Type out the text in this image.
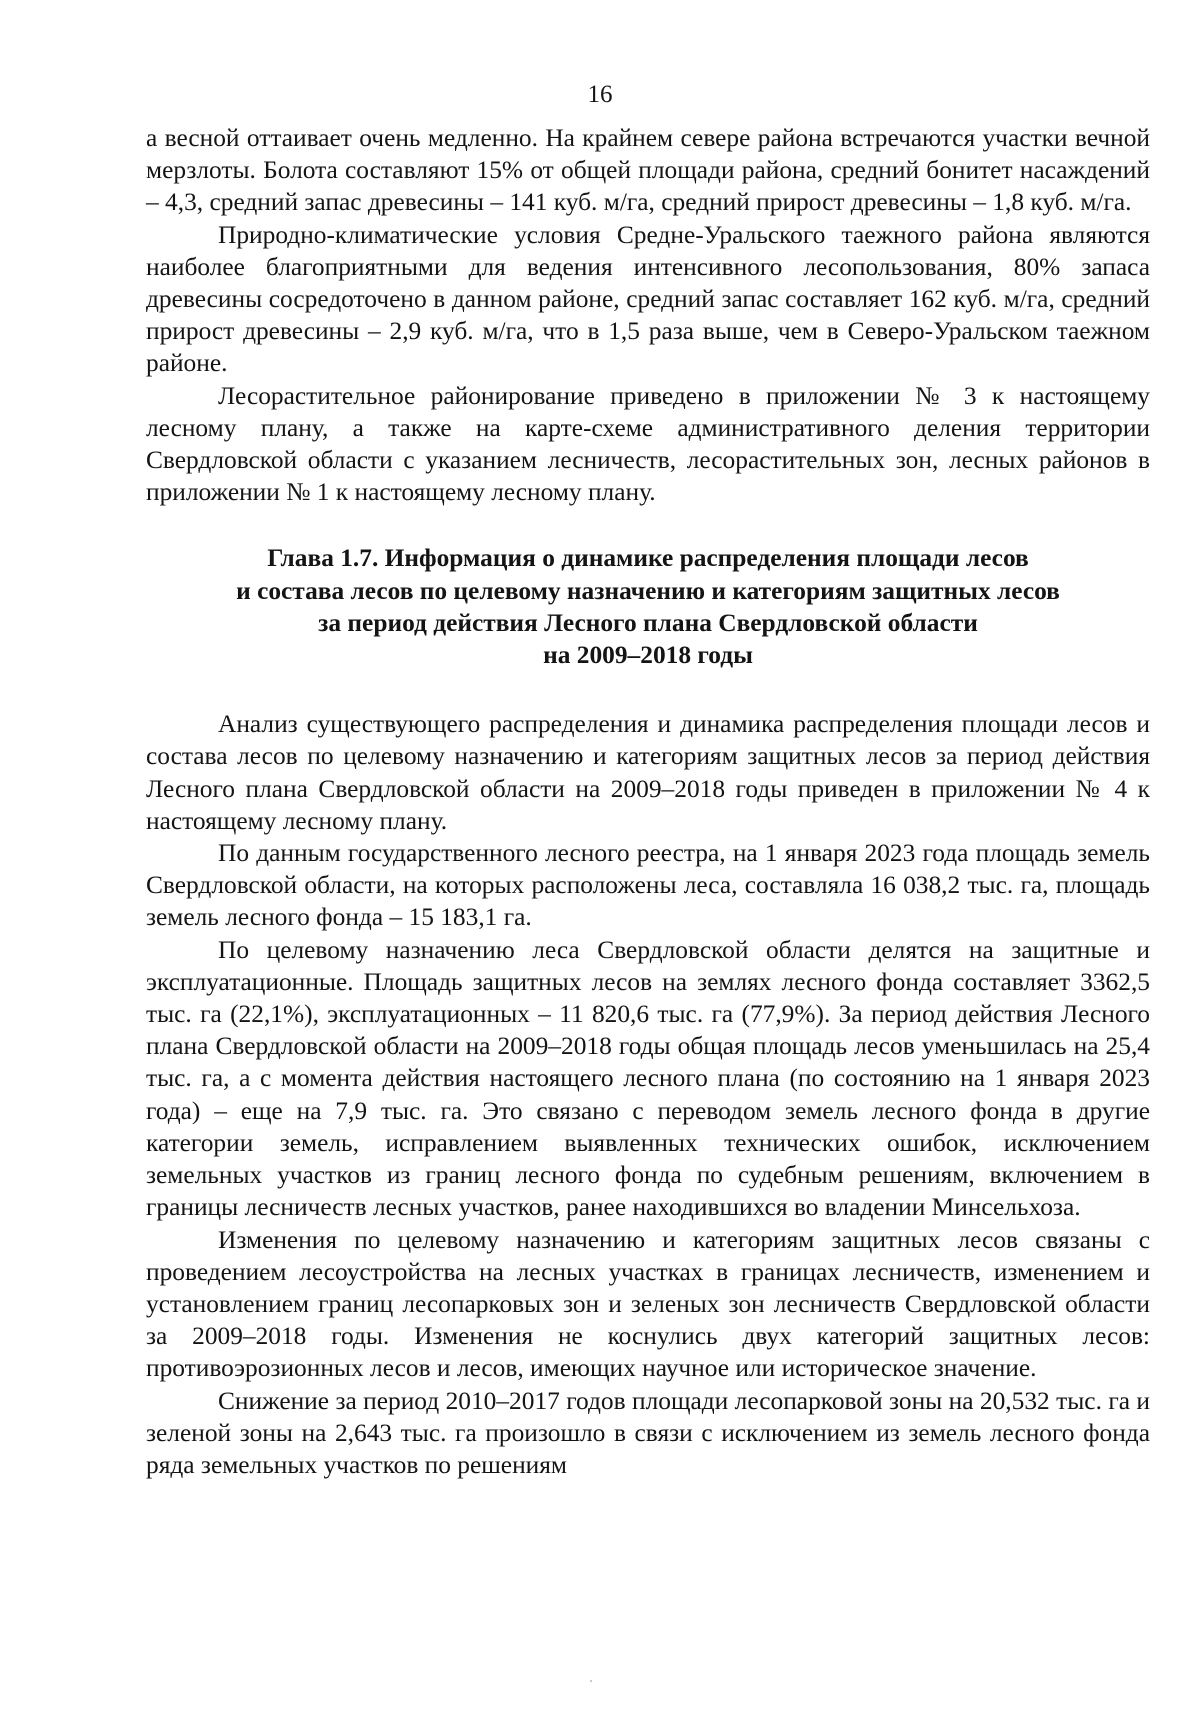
16

а весной оттаивает очень медленно. На крайнем севере района встречаются участки вечной мерзлоты. Болота составляют 15% от общей площади района, средний бонитет насаждений – 4,3, средний запас древесины – 141 куб. м/га, средний прирост древесины – 1,8 куб. м/га.

Природно-климатические условия Средне-Уральского таежного района являются наиболее благоприятными для ведения интенсивного лесопользования, 80% запаса древесины сосредоточено в данном районе, средний запас составляет 162 куб. м/га, средний прирост древесины – 2,9 куб. м/га, что в 1,5 раза выше, чем в Северо-Уральском таежном районе.

Лесорастительное районирование приведено в приложении № 3 к настоящему лесному плану, а также на карте-схеме административного деления территории Свердловской области с указанием лесничеств, лесорастительных зон, лесных районов в приложении № 1 к настоящему лесному плану.

Глава 1.7. Информация о динамике распределения площади лесов
и состава лесов по целевому назначению и категориям защитных лесов
за период действия Лесного плана Свердловской области
на 2009–2018 годы

Анализ существующего распределения и динамика распределения площади лесов и состава лесов по целевому назначению и категориям защитных лесов за период действия Лесного плана Свердловской области на 2009–2018 годы приведен в приложении № 4 к настоящему лесному плану.

По данным государственного лесного реестра, на 1 января 2023 года площадь земель Свердловской области, на которых расположены леса, составляла 16 038,2 тыс. га, площадь земель лесного фонда – 15 183,1 га.

По целевому назначению леса Свердловской области делятся на защитные и эксплуатационные. Площадь защитных лесов на землях лесного фонда составляет 3362,5 тыс. га (22,1%), эксплуатационных – 11 820,6 тыс. га (77,9%). За период действия Лесного плана Свердловской области на 2009–2018 годы общая площадь лесов уменьшилась на 25,4 тыс. га, а с момента действия настоящего лесного плана (по состоянию на 1 января 2023 года) – еще на 7,9 тыс. га. Это связано с переводом земель лесного фонда в другие категории земель, исправлением выявленных технических ошибок, исключением земельных участков из границ лесного фонда по судебным решениям, включением в границы лесничеств лесных участков, ранее находившихся во владении Минсельхоза.

Изменения по целевому назначению и категориям защитных лесов связаны с проведением лесоустройства на лесных участках в границах лесничеств, изменением и установлением границ лесопарковых зон и зеленых зон лесничеств Свердловской области за 2009–2018 годы. Изменения не коснулись двух категорий защитных лесов: противоэрозионных лесов и лесов, имеющих научное или историческое значение.

Снижение за период 2010–2017 годов площади лесопарковой зоны на 20,532 тыс. га и зеленой зоны на 2,643 тыс. га произошло в связи с исключением из земель лесного фонда ряда земельных участков по решениям
